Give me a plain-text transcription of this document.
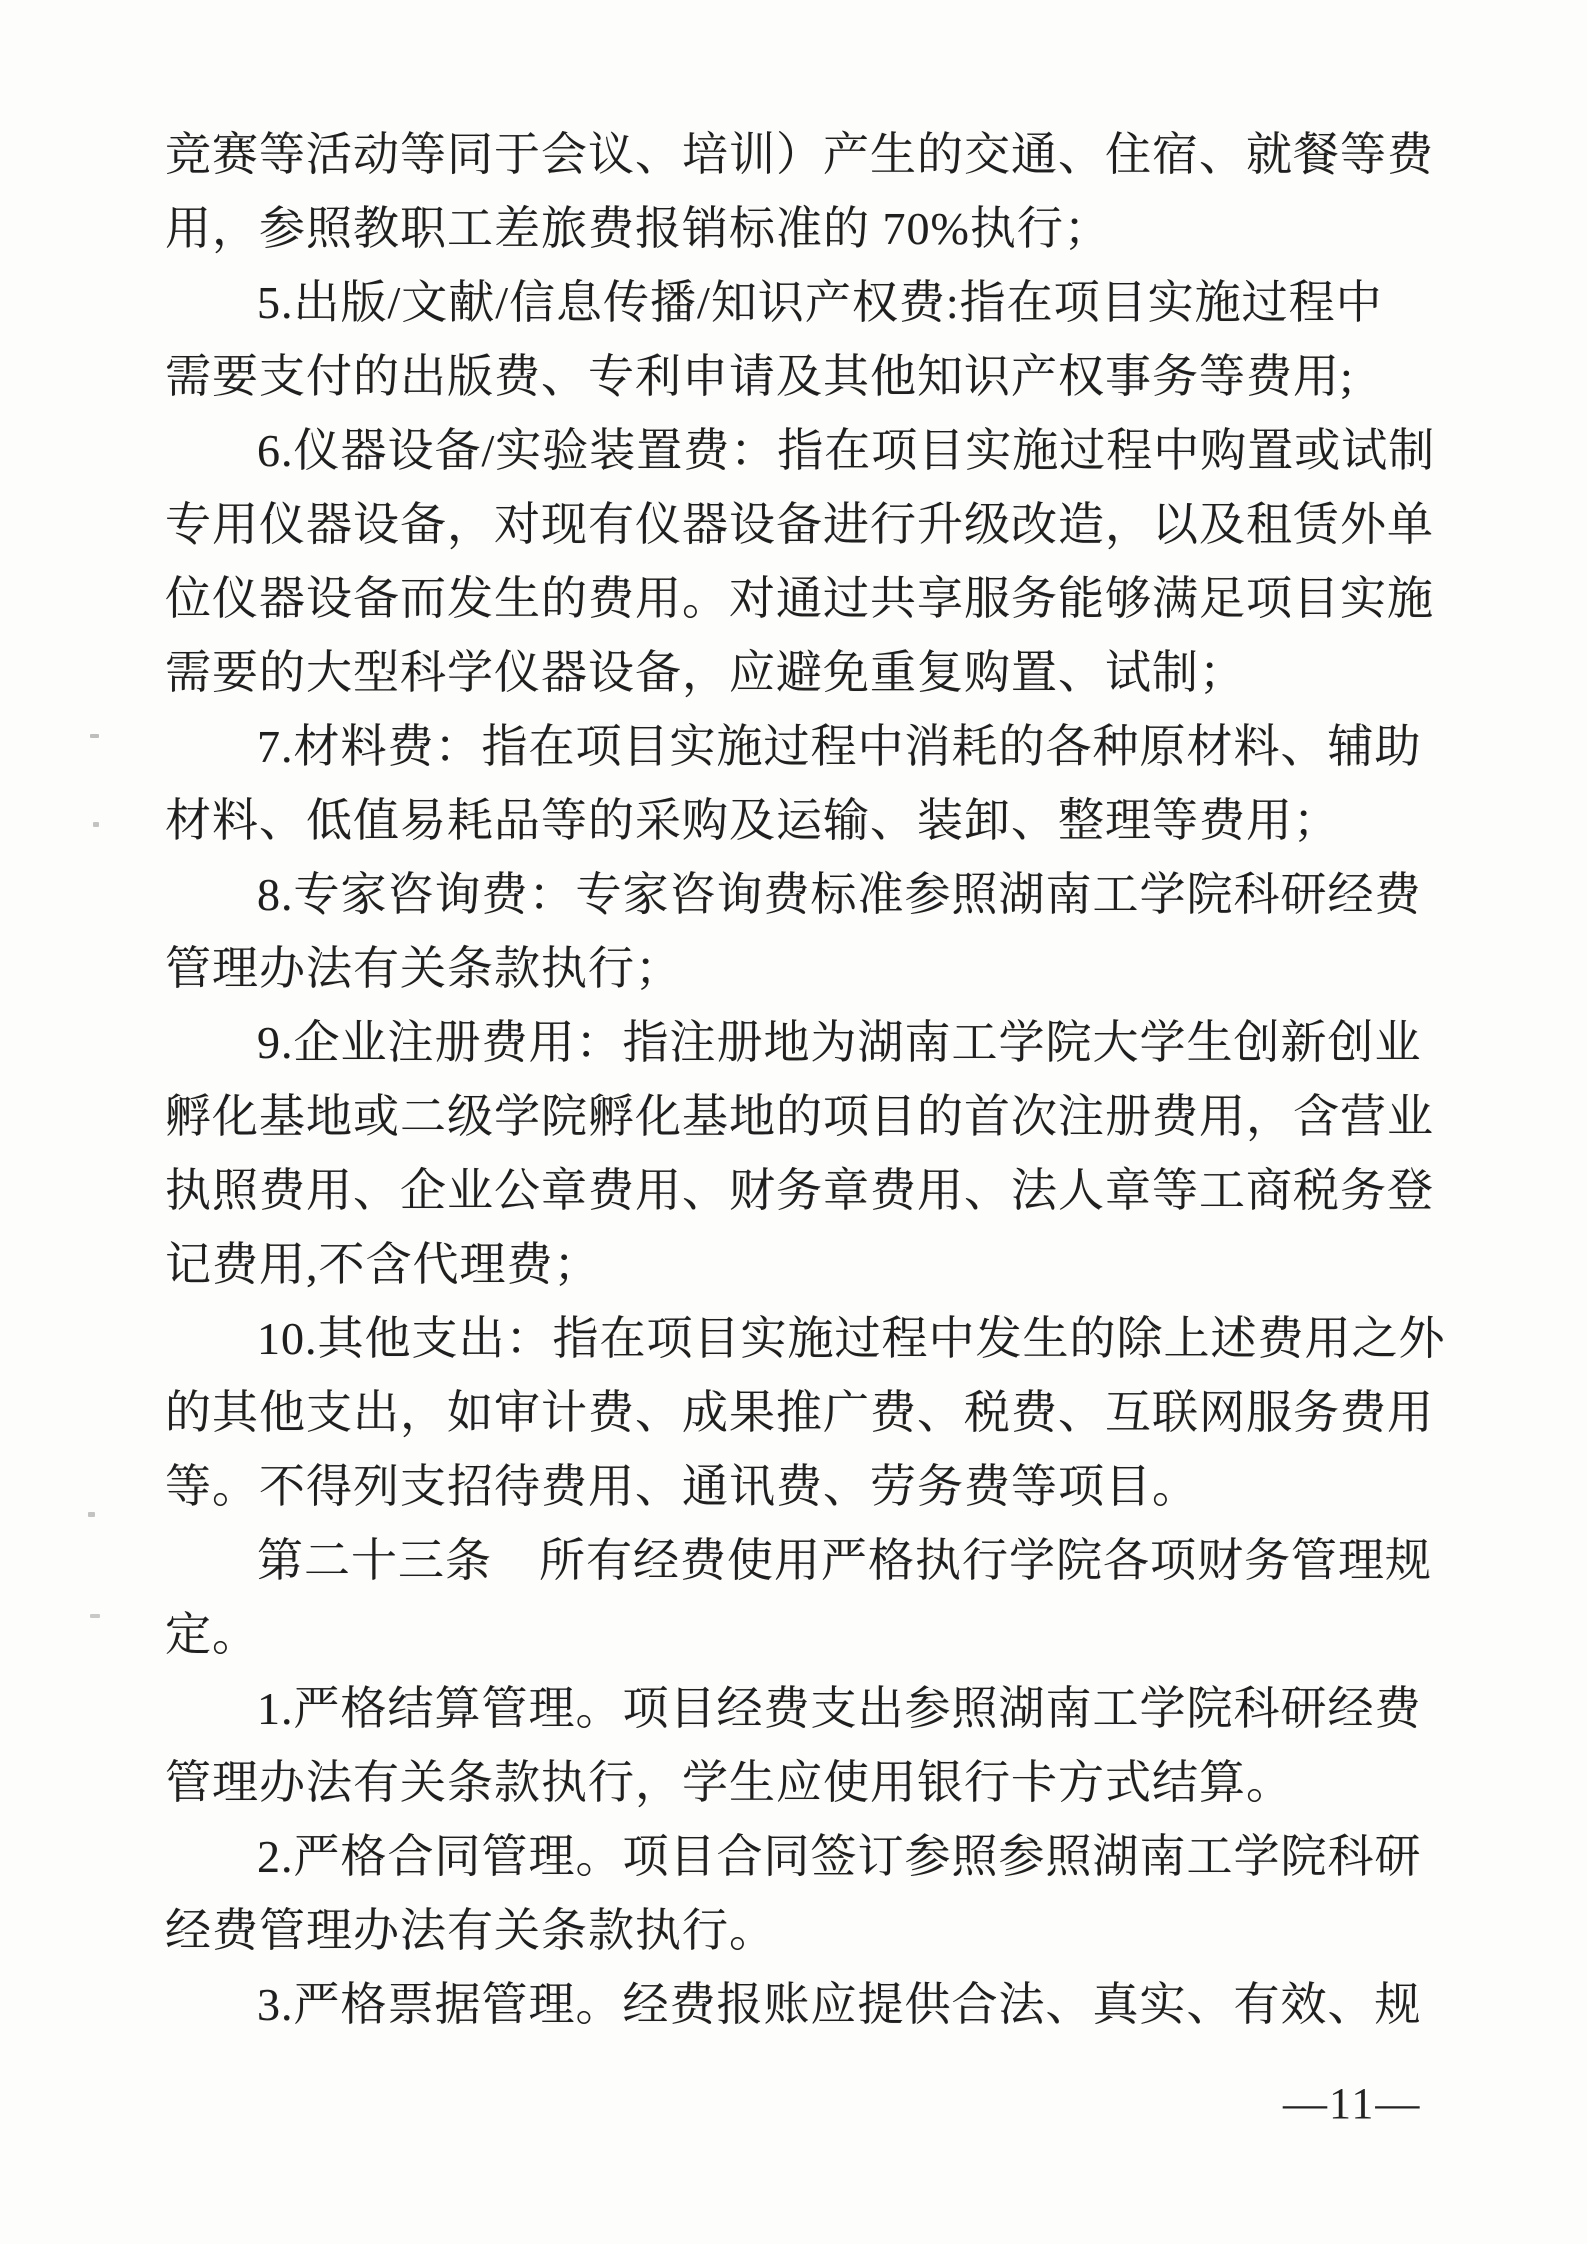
竞赛等活动等同于会议、培训）产生的交通、住宿、就餐等费
用，参照教职工差旅费报销标准的 70%执行；
5.出版/文献/信息传播/知识产权费:指在项目实施过程中
需要支付的出版费、专利申请及其他知识产权事务等费用;
6.仪器设备/实验装置费：指在项目实施过程中购置或试制
专用仪器设备，对现有仪器设备进行升级改造，以及租赁外单
位仪器设备而发生的费用。对通过共享服务能够满足项目实施
需要的大型科学仪器设备，应避免重复购置、试制；
7.材料费：指在项目实施过程中消耗的各种原材料、辅助
材料、低值易耗品等的采购及运输、装卸、整理等费用；
8.专家咨询费：专家咨询费标准参照湖南工学院科研经费
管理办法有关条款执行；
9.企业注册费用：指注册地为湖南工学院大学生创新创业
孵化基地或二级学院孵化基地的项目的首次注册费用，含营业
执照费用、企业公章费用、财务章费用、法人章等工商税务登
记费用,不含代理费；
10.其他支出：指在项目实施过程中发生的除上述费用之外
的其他支出，如审计费、成果推广费、税费、互联网服务费用
等。不得列支招待费用、通讯费、劳务费等项目。
第二十三条　所有经费使用严格执行学院各项财务管理规
定。
1.严格结算管理。项目经费支出参照湖南工学院科研经费
管理办法有关条款执行，学生应使用银行卡方式结算。
2.严格合同管理。项目合同签订参照参照湖南工学院科研
经费管理办法有关条款执行。
3.严格票据管理。经费报账应提供合法、真实、有效、规
—11—
